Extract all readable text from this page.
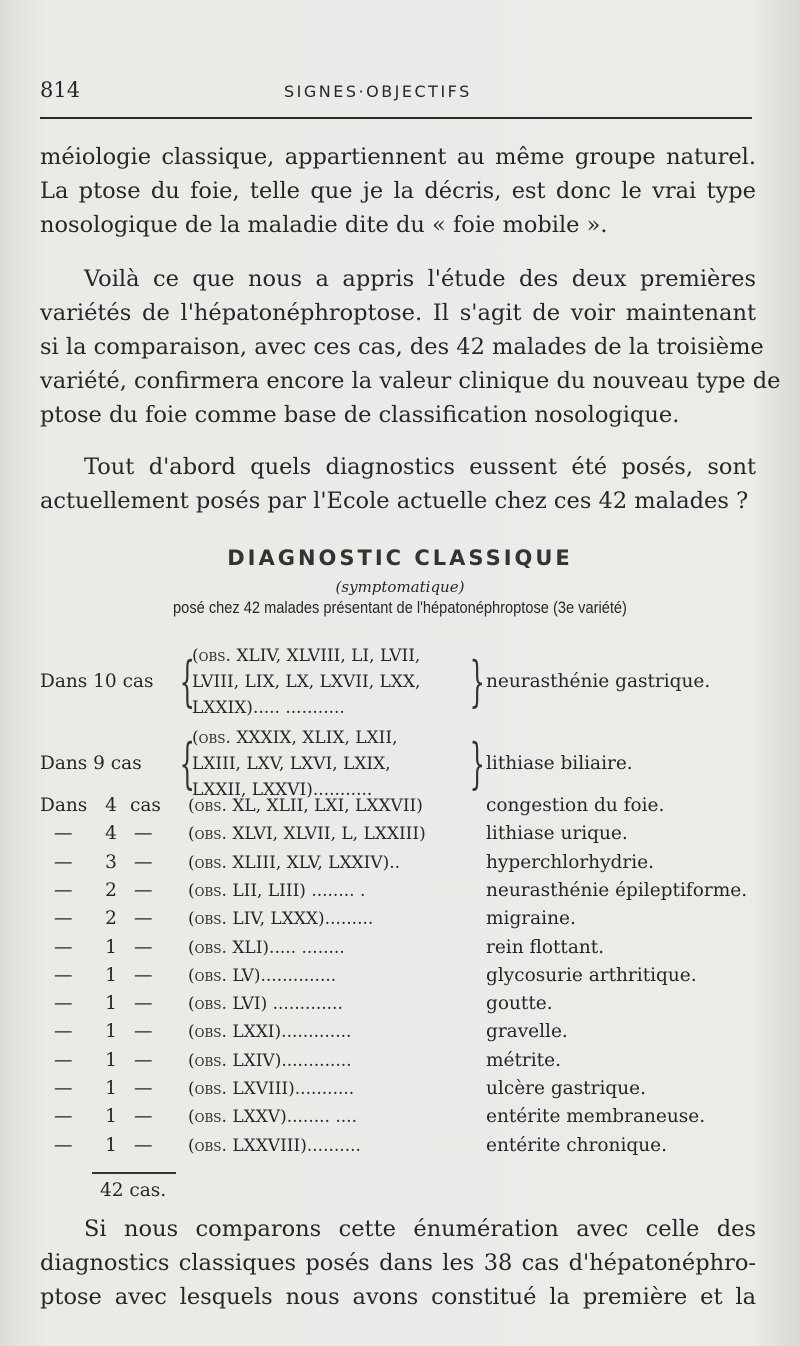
814	SIGNES·OBJECTIFS
méiologie classique, appartiennent au même groupe naturel.
La ptose du foie, telle que je la décris, est donc le vrai type
nosologique de la maladie dite du « foie mobile ».
Voilà ce que nous a appris l'étude des deux premières
variétés de l'hépatonéphroptose. Il s'agit de voir maintenant
si la comparaison, avec ces cas, des 42 malades de la troisième
variété, confirmera encore la valeur clinique du nouveau type de
ptose du foie comme base de classification nosologique.
Tout d'abord quels diagnostics eussent été posés, sont
actuellement posés par l'Ecole actuelle chez ces 42 malades ?
DIAGNOSTIC CLASSIQUE
(symptomatique)
posé chez 42 malades présentant de l'hépatonéphroptose (3e variété)
Dans 10 cas {
(obs. XLIV, XLVIII, LI, LVII,
LVIII, LIX, LX, LXVII, LXX,
LXXIX)..... ...........	} neurasthénie gastrique.
Dans 9 cas {
(obs. XXXIX, XLIX, LXII,
LXIII, LXV, LXVI, LXIX,
LXXII, LXXVI)...........	} lithiase biliaire.
Dans 4 cas (obs. XL, XLII, LXI, LXXVII)	congestion du foie.
— 4 — (obs. XLVI, XLVII, L, LXXIII)	lithiase urique.
— 3 — (obs. XLIII, XLV, LXXIV)..	hyperchlorhydrie.
— 2 — (obs. LII, LIII) ........ .	neurasthénie épileptiforme.
— 2 — (obs. LIV, LXXX).........	migraine.
— 1 — (obs. XLI)..... ........	rein flottant.
— 1 — (obs. LV)..............	glycosurie arthritique.
— 1 — (obs. LVI) .............	goutte.
— 1 — (obs. LXXI).............	gravelle.
— 1 — (obs. LXIV).............	métrite.
— 1 — (obs. LXVIII)...........	ulcère gastrique.
— 1 — (obs. LXXV)........ ....	entérite membraneuse.
— 1 — (obs. LXXVIII)..........	entérite chronique.
42 cas.
Si nous comparons cette énumération avec celle des
diagnostics classiques posés dans les 38 cas d'hépatonéphro-
ptose avec lesquels nous avons constitué la première et la
